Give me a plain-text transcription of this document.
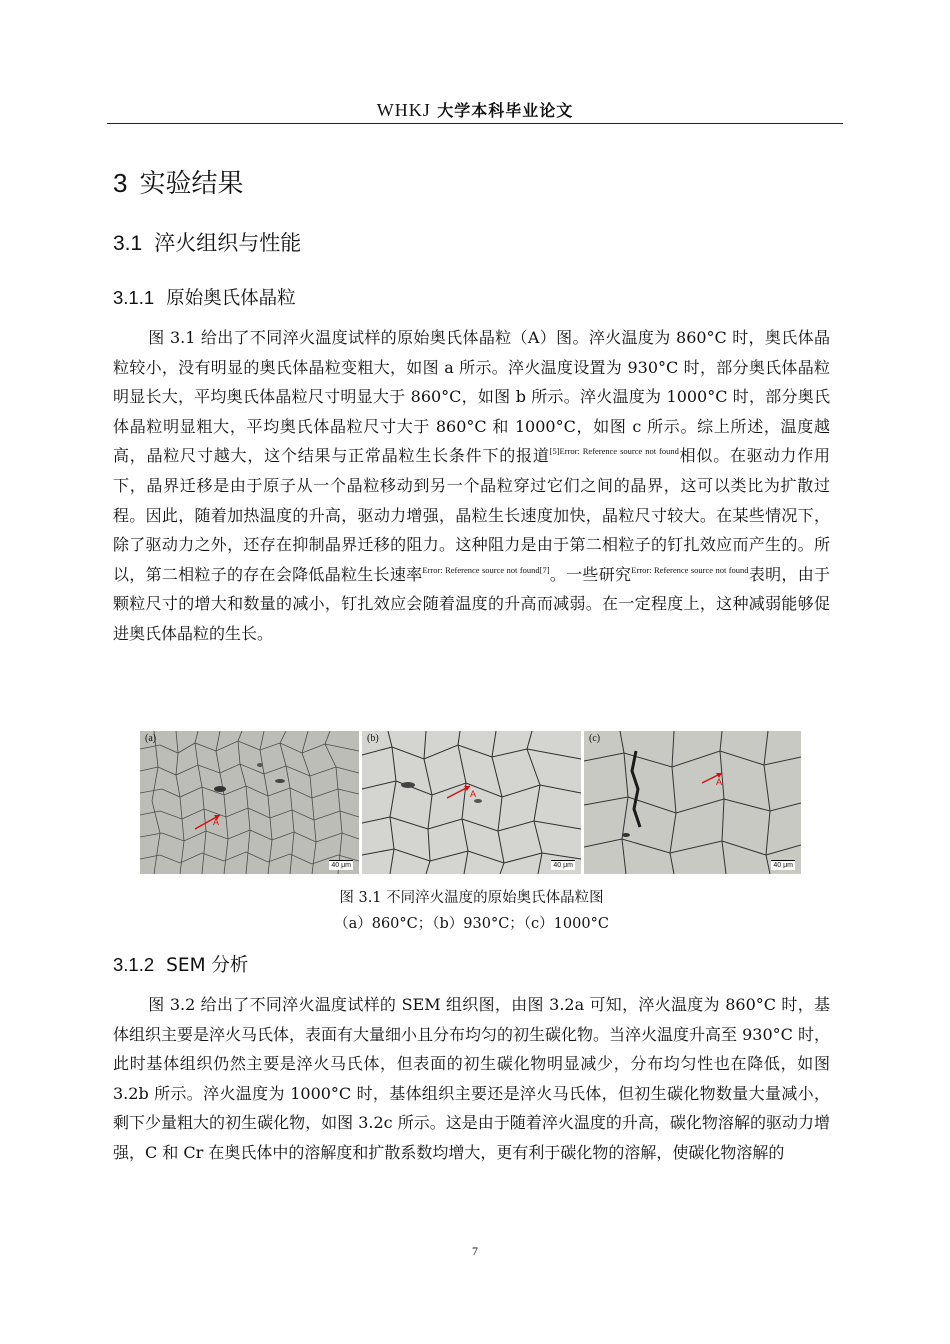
WHKJ 大学本科毕业论文
3 实验结果
3.1 淬火组织与性能
3.1.1 原始奥氏体晶粒
图 3.1 给出了不同淬火温度试样的原始奥氏体晶粒（A）图。淬火温度为 860°C 时，奥氏体晶粒较小，没有明显的奥氏体晶粒变粗大，如图 a 所示。淬火温度设置为 930°C 时，部分奥氏体晶粒明显长大，平均奥氏体晶粒尺寸明显大于 860°C，如图 b 所示。淬火温度为 1000°C 时，部分奥氏体晶粒明显粗大，平均奥氏体晶粒尺寸大于 860°C 和 1000°C，如图 c 所示。综上所述，温度越高，晶粒尺寸越大，这个结果与正常晶粒生长条件下的报道$^{[5]Error: Reference source not found}$相似。在驱动力作用下，晶界迁移是由于原子从一个晶粒移动到另一个晶粒穿过它们之间的晶界，这可以类比为扩散过程。因此，随着加热温度的升高，驱动力增强，晶粒生长速度加快，晶粒尺寸较大。在某些情况下，除了驱动力之外，还存在抑制晶界迁移的阻力。这种阻力是由于第二相粒子的钉扎效应而产生的。所以，第二相粒子的存在会降低晶粒生长速率$^{Error: Reference source not found[7]}$。一些研究$^{Error: Reference source not found}$表明，由于颗粒尺寸的增大和数量的减小，钉扎效应会随着温度的升高而减弱。在一定程度上，这种减弱能够促进奥氏体晶粒的生长。
(a)
A
40 μm
(b)
A
40 μm
(c)
A
40 μm
图 3.1 不同淬火温度的原始奥氏体晶粒图
（a）860°C；（b）930°C；（c）1000°C
3.1.2 SEM 分析
图 3.2 给出了不同淬火温度试样的 SEM 组织图，由图 3.2a 可知，淬火温度为 860°C 时，基体组织主要是淬火马氏体，表面有大量细小且分布均匀的初生碳化物。当淬火温度升高至 930°C 时，此时基体组织仍然主要是淬火马氏体，但表面的初生碳化物明显减少，分布均匀性也在降低，如图 3.2b 所示。淬火温度为 1000°C 时，基体组织主要还是淬火马氏体，但初生碳化物数量大量减小，剩下少量粗大的初生碳化物，如图 3.2c 所示。这是由于随着淬火温度的升高，碳化物溶解的驱动力增强，C 和 Cr 在奥氏体中的溶解度和扩散系数均增大，更有利于碳化物的溶解，使碳化物溶解的
7
